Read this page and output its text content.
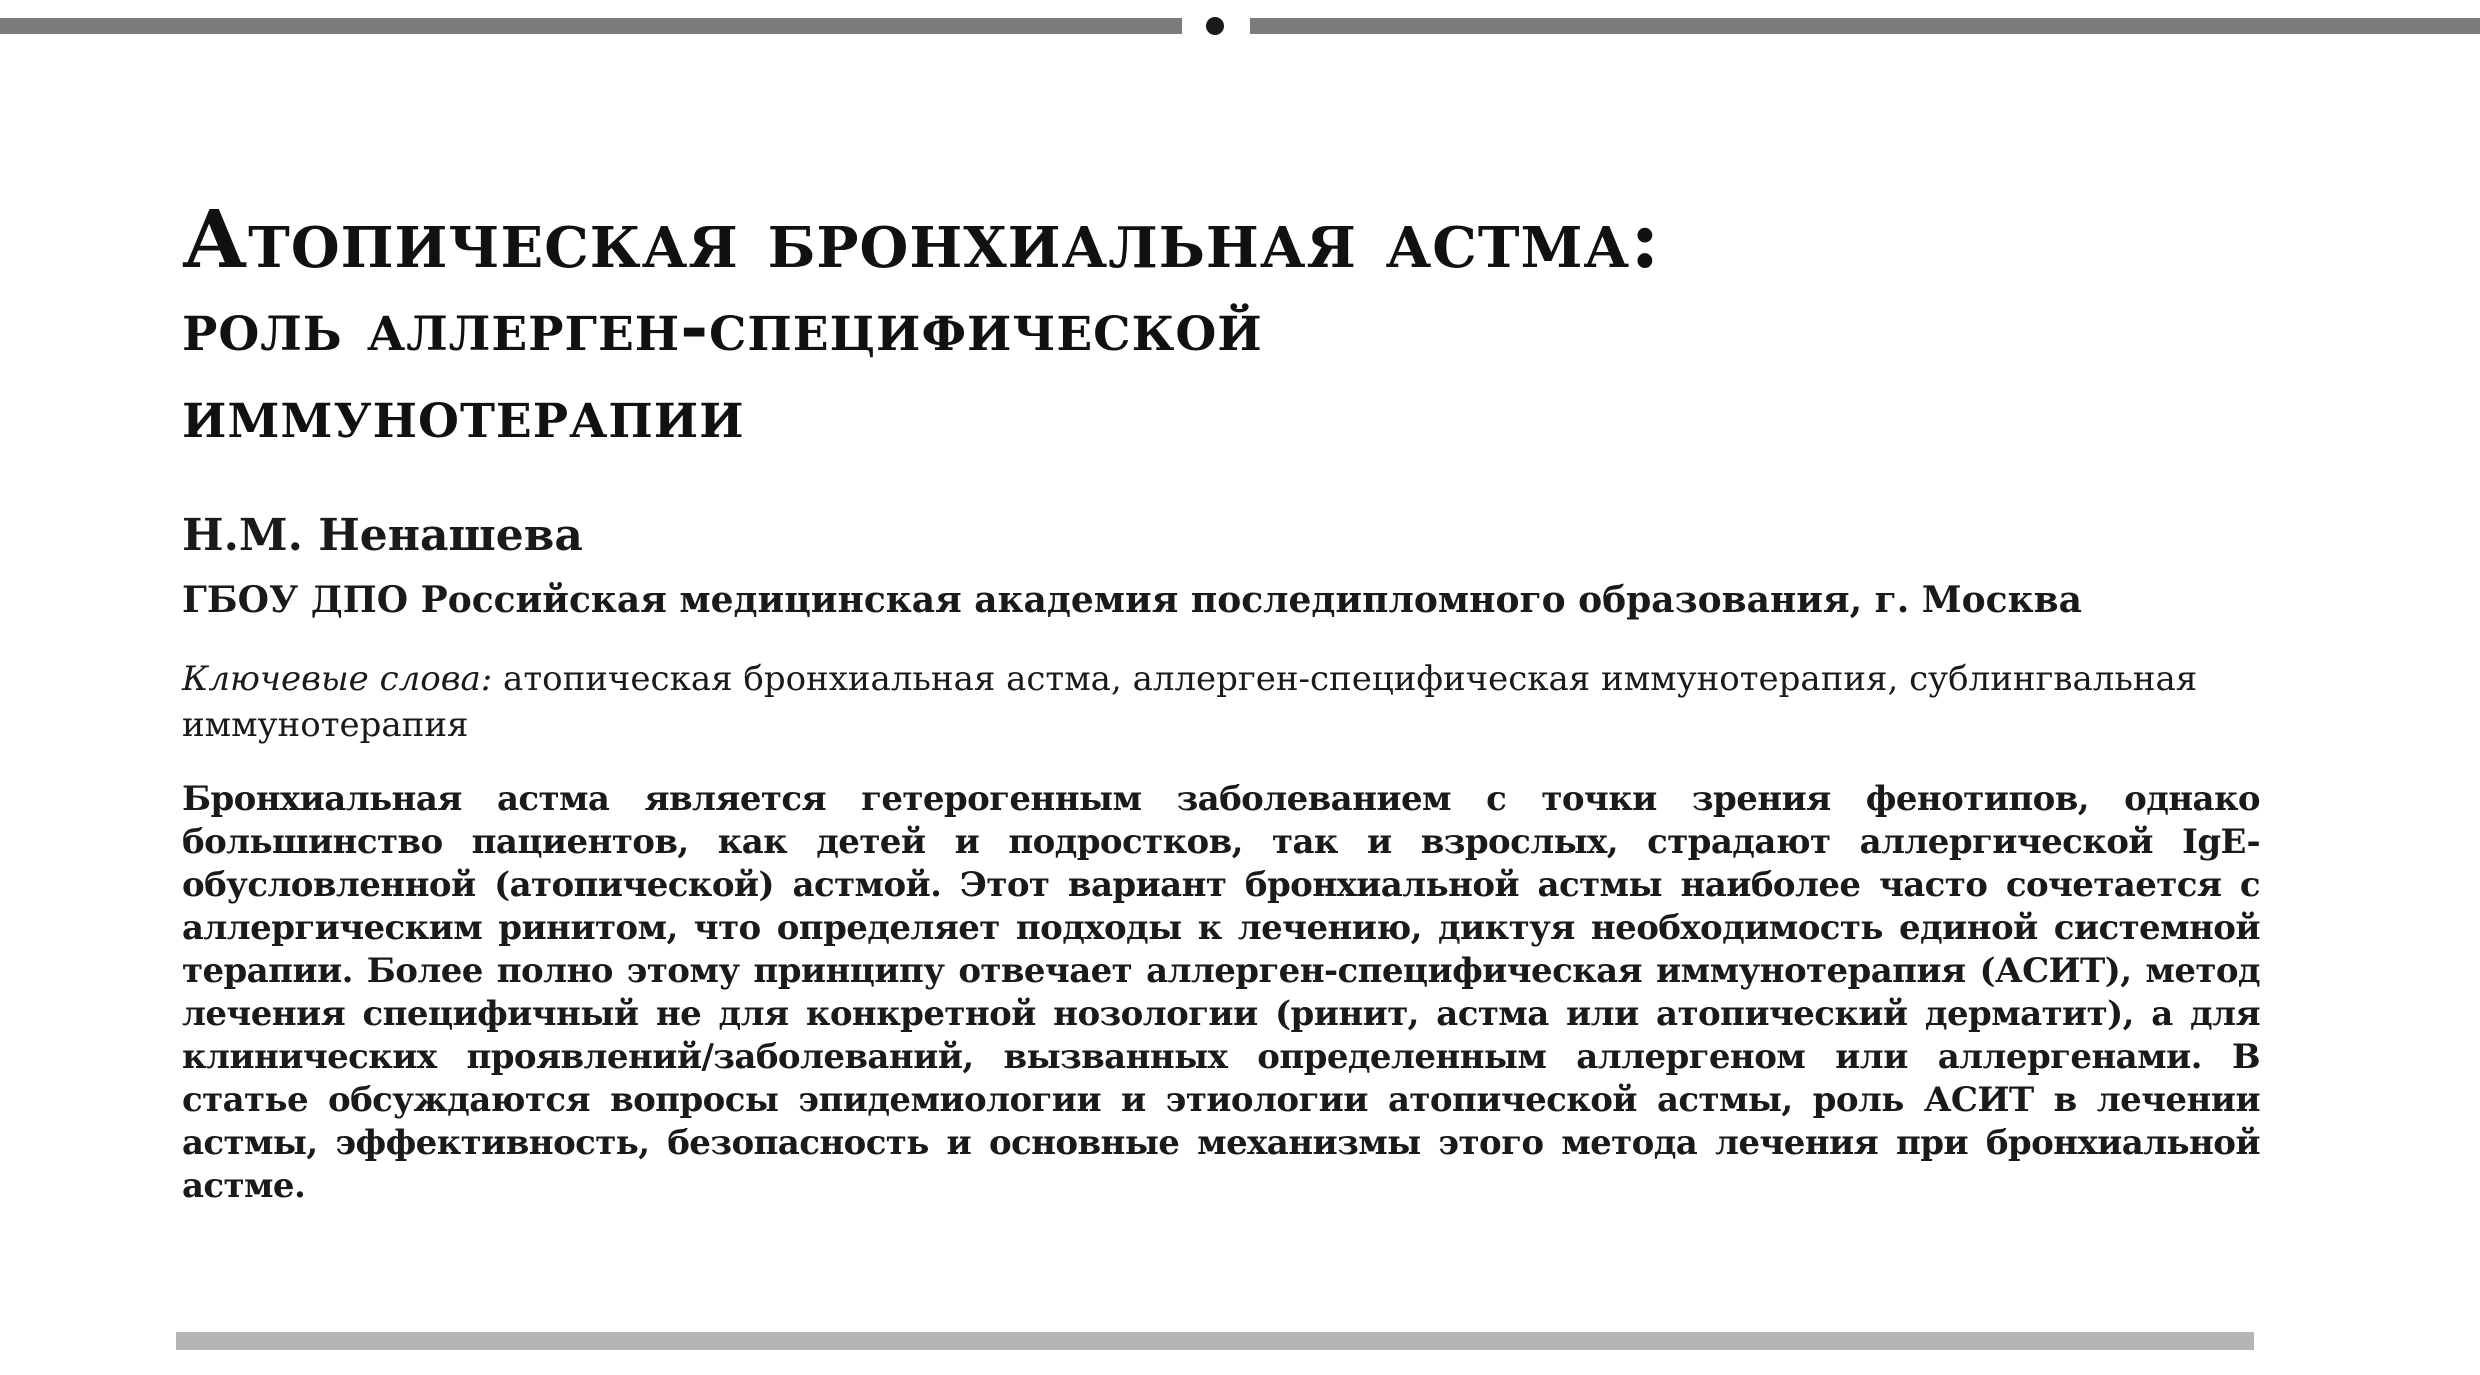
Атопическая бронхиальная астма:
роль аллерген-специфической
иммунотерапии

Н.М. Ненашева

ГБОУ ДПО Российская медицинская академия последипломного образования, г. Москва

Ключевые слова: атопическая бронхиальная астма, аллерген-специфическая иммунотерапия, сублингвальная иммунотерапия

Бронхиальная астма является гетерогенным заболеванием с точки зрения фенотипов, однако большинство пациентов, как детей и подростков, так и взрослых, страдают аллергической IgE-обусловленной (атопической) астмой. Этот вариант бронхиальной астмы наиболее часто сочетается с аллергическим ринитом, что определяет подходы к лечению, диктуя необходимость единой системной терапии. Более полно этому принципу отвечает аллерген-специфическая иммунотерапия (АСИТ), метод лечения специфичный не для конкретной нозологии (ринит, астма или атопический дерматит), а для клинических проявлений/заболеваний, вызванных определенным аллергеном или аллергенами. В статье обсуждаются вопросы эпидемиологии и этиологии атопической астмы, роль АСИТ в лечении астмы, эффективность, безопасность и основные механизмы этого метода лечения при бронхиальной астме.
